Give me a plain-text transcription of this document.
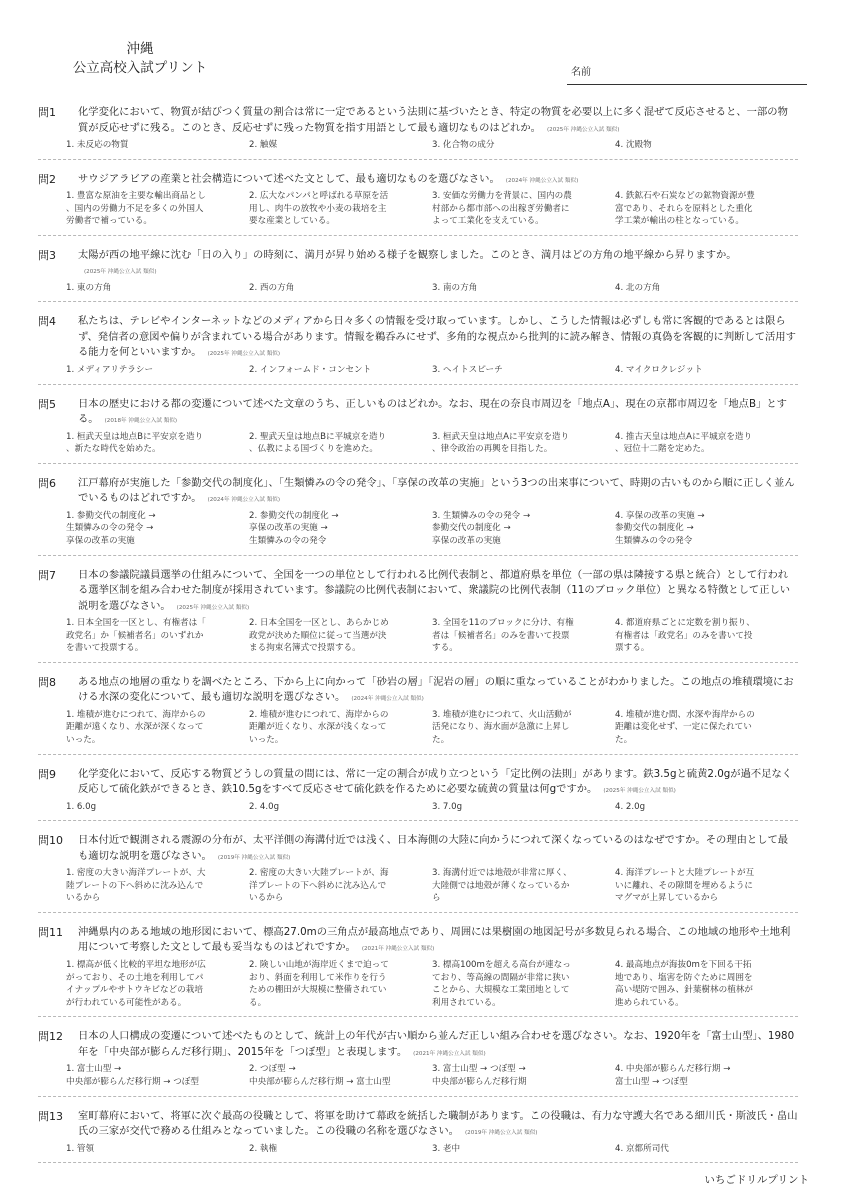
沖縄
公立高校入試プリント	名前
問1	化学変化において、物質が結びつく質量の割合は常に一定であるという法則に基づいたとき、特定の物質を必要以上に多く混ぜて反応させると、一部の物質が反応せずに残る。このとき、反応せずに残った物質を指す用語として最も適切なものはどれか。 (2025年 沖縄公立入試 類似)
1. 未反応の物質	2. 触媒	3. 化合物の成分	4. 沈殿物
問2	サウジアラビアの産業と社会構造について述べた文として、最も適切なものを選びなさい。 (2024年 沖縄公立入試 類似)
1. 豊富な原油を主要な輸出商品とし
、国内の労働力不足を多くの外国人
労働者で補っている。
2. 広大なパンパと呼ばれる草原を活
用し、肉牛の放牧や小麦の栽培を主
要な産業としている。
3. 安価な労働力を背景に、国内の農
村部から都市部への出稼ぎ労働者に
よって工業化を支えている。
4. 鉄鉱石や石炭などの鉱物資源が豊
富であり、それらを原料とした重化
学工業が輸出の柱となっている。
問3	太陽が西の地平線に沈む「日の入り」の時刻に、満月が昇り始める様子を観察しました。このとき、満月はどの方角の地平線から昇りますか。(2025年 沖縄公立入試 類似)
1. 東の方角	2. 西の方角	3. 南の方角	4. 北の方角
問4	私たちは、テレビやインターネットなどのメディアから日々多くの情報を受け取っています。しかし、こうした情報は必ずしも常に客観的であるとは限らず、発信者の意図や偏りが含まれている場合があります。情報を鵜呑みにせず、多角的な視点から批判的に読み解き、情報の真偽を客観的に判断して活用する能力を何といいますか。 (2025年 沖縄公立入試 類似)
1. メディアリテラシー	2. インフォームド・コンセント	3. ヘイトスピーチ	4. マイクロクレジット
問5	日本の歴史における都の変遷について述べた文章のうち、正しいものはどれか。なお、現在の奈良市周辺を「地点A」、現在の京都市周辺を「地点B」とする。 (2018年 沖縄公立入試 類似)
1. 桓武天皇は地点Bに平安京を造り
、新たな時代を始めた。
2. 聖武天皇は地点Bに平城京を造り
、仏教による国づくりを進めた。
3. 桓武天皇は地点Aに平安京を造り
、律令政治の再興を目指した。
4. 推古天皇は地点Aに平城京を造り
、冠位十二階を定めた。
問6	江戸幕府が実施した「参勤交代の制度化」、「生類憐みの令の発令」、「享保の改革の実施」という3つの出来事について、時期の古いものから順に正しく並んでいるものはどれですか。 (2024年 沖縄公立入試 類似)
1. 参勤交代の制度化 →
生類憐みの令の発令 →
享保の改革の実施
2. 参勤交代の制度化 →
享保の改革の実施 →
生類憐みの令の発令
3. 生類憐みの令の発令 →
参勤交代の制度化 →
享保の改革の実施
4. 享保の改革の実施 →
参勤交代の制度化 →
生類憐みの令の発令
問7	日本の参議院議員選挙の仕組みについて、全国を一つの単位として行われる比例代表制と、都道府県を単位（一部の県は隣接する県と統合）として行われる選挙区制を組み合わせた制度が採用されています。参議院の比例代表制において、衆議院の比例代表制（11のブロック単位）と異なる特徴として正しい説明を選びなさい。 (2025年 沖縄公立入試 類似)
1. 日本全国を一区とし、有権者は「
政党名」か「候補者名」のいずれか
を書いて投票する。
2. 日本全国を一区とし、あらかじめ
政党が決めた順位に従って当選が決
まる拘束名簿式で投票する。
3. 全国を11のブロックに分け、有権
者は「候補者名」のみを書いて投票
する。
4. 都道府県ごとに定数を割り振り、
有権者は「政党名」のみを書いて投
票する。
問8	ある地点の地層の重なりを調べたところ、下から上に向かって「砂岩の層」「泥岩の層」の順に重なっていることがわかりました。この地点の堆積環境における水深の変化について、最も適切な説明を選びなさい。 (2024年 沖縄公立入試 類似)
1. 堆積が進むにつれて、海岸からの
距離が遠くなり、水深が深くなって
いった。
2. 堆積が進むにつれて、海岸からの
距離が近くなり、水深が浅くなって
いった。
3. 堆積が進むにつれて、火山活動が
活発になり、海水面が急激に上昇し
た。
4. 堆積が進む間、水深や海岸からの
距離は変化せず、一定に保たれてい
た。
問9	化学変化において、反応する物質どうしの質量の間には、常に一定の割合が成り立つという「定比例の法則」があります。鉄3.5gと硫黄2.0gが過不足なく反応して硫化鉄ができるとき、鉄10.5gをすべて反応させて硫化鉄を作るために必要な硫黄の質量は何gですか。 (2025年 沖縄公立入試 類似)
1. 6.0g	2. 4.0g	3. 7.0g	4. 2.0g
問10	日本付近で観測される震源の分布が、太平洋側の海溝付近では浅く、日本海側の大陸に向かうにつれて深くなっているのはなぜですか。その理由として最も適切な説明を選びなさい。 (2019年 沖縄公立入試 類似)
1. 密度の大きい海洋プレートが、大
陸プレートの下へ斜めに沈み込んで
いるから
2. 密度の大きい大陸プレートが、海
洋プレートの下へ斜めに沈み込んで
いるから
3. 海溝付近では地殻が非常に厚く、
大陸側では地殻が薄くなっているか
ら
4. 海洋プレートと大陸プレートが互
いに離れ、その隙間を埋めるように
マグマが上昇しているから
問11	沖縄県内のある地域の地形図において、標高27.0mの三角点が最高地点であり、周囲には果樹園の地図記号が多数見られる場合、この地域の地形や土地利用について考察した文として最も妥当なものはどれですか。 (2021年 沖縄公立入試 類似)
1. 標高が低く比較的平坦な地形が広
がっており、その土地を利用してパ
イナップルやサトウキビなどの栽培
が行われている可能性がある。
2. 険しい山地が海岸近くまで迫って
おり、斜面を利用して米作りを行う
ための棚田が大規模に整備されてい
る。
3. 標高100mを超える高台が連なっ
ており、等高線の間隔が非常に狭い
ことから、大規模な工業団地として
利用されている。
4. 最高地点が海抜0mを下回る干拓
地であり、塩害を防ぐために周囲を
高い堤防で囲み、針葉樹林の植林が
進められている。
問12	日本の人口構成の変遷について述べたものとして、統計上の年代が古い順から並んだ正しい組み合わせを選びなさい。なお、1920年を「富士山型」、1980年を「中央部が膨らんだ移行期」、2015年を「つぼ型」と表現します。 (2021年 沖縄公立入試 類似)
1. 富士山型 →
中央部が膨らんだ移行期 → つぼ型
2. つぼ型 →
中央部が膨らんだ移行期 → 富士山型
3. 富士山型 → つぼ型 →
中央部が膨らんだ移行期
4. 中央部が膨らんだ移行期 →
富士山型 → つぼ型
問13	室町幕府において、将軍に次ぐ最高の役職として、将軍を助けて幕政を統括した職制があります。この役職は、有力な守護大名である細川氏・斯波氏・畠山氏の三家が交代で務める仕組みとなっていました。この役職の名称を選びなさい。 (2019年 沖縄公立入試 類似)
1. 管領	2. 執権	3. 老中	4. 京都所司代
いちごドリルプリント
